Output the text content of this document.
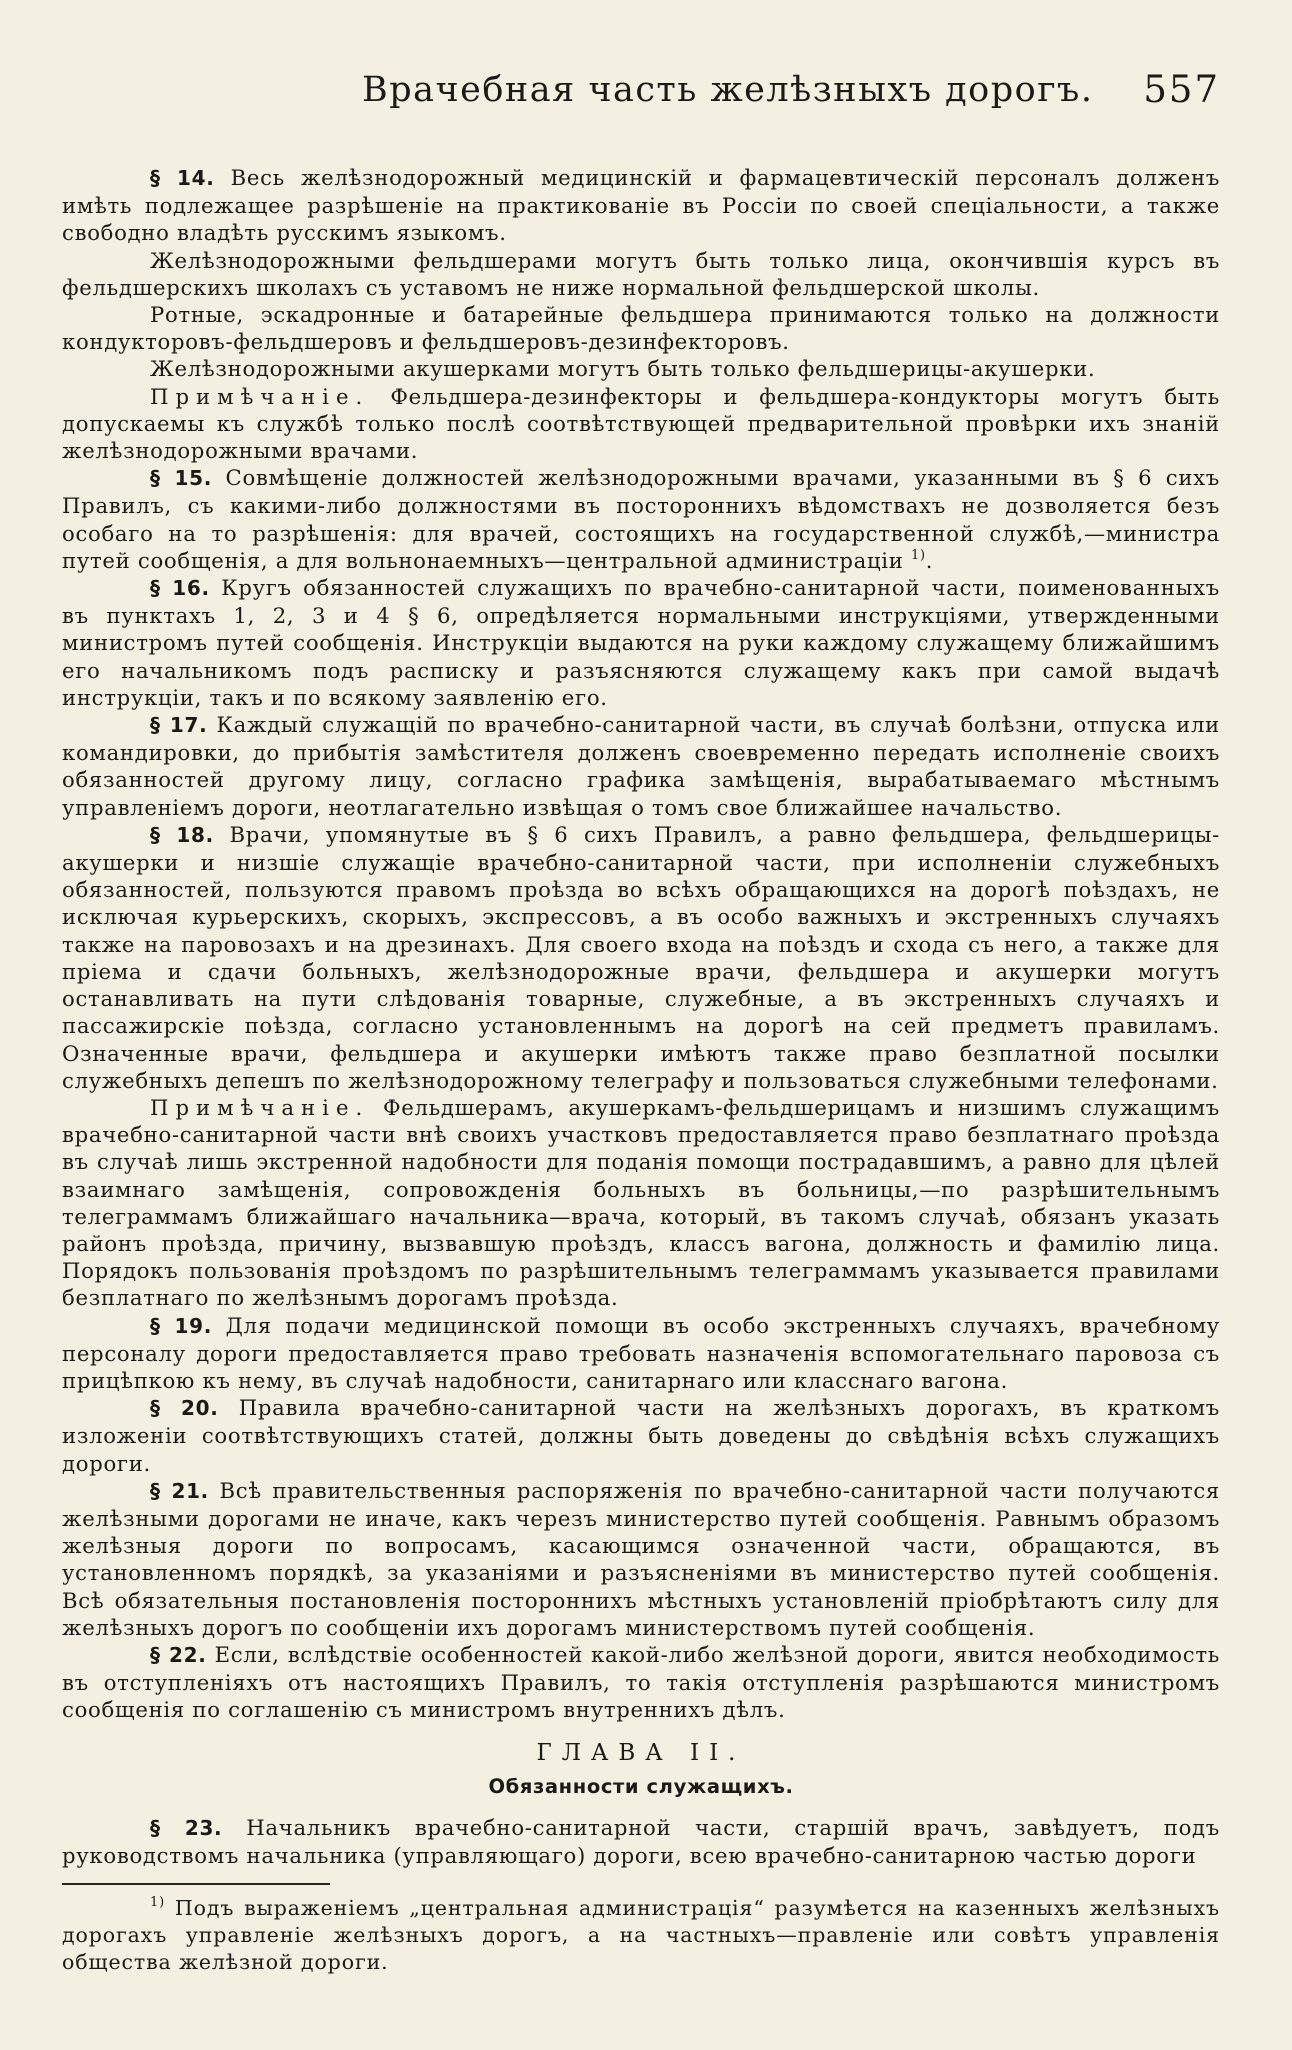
Врачебная часть желѣзныхъ дорогъ. 557

§ 14. Весь желѣзнодорожный медицинскій и фармацевтическій персоналъ долженъ имѣть подлежащее разрѣшеніе на практикованіе въ Россіи по своей спеціальности, а также свободно владѣть русскимъ языкомъ.

Желѣзнодорожными фельдшерами могутъ быть только лица, окончившія курсъ въ фельдшерскихъ школахъ съ уставомъ не ниже нормальной фельдшерской школы.

Ротные, эскадронные и батарейные фельдшера принимаются только на должности кондукторовъ-фельдшеровъ и фельдшеровъ-дезинфекторовъ.

Желѣзнодорожными акушерками могутъ быть только фельдшерицы-акушерки.

Примѣчаніе. Фельдшера-дезинфекторы и фельдшера-кондукторы могутъ быть допускаемы къ службѣ только послѣ соотвѣтствующей предварительной провѣрки ихъ знаній желѣзнодорожными врачами.

§ 15. Совмѣщеніе должностей желѣзнодорожными врачами, указанными въ § 6 сихъ Правилъ, съ какими-либо должностями въ постороннихъ вѣдомствахъ не дозволяется безъ особаго на то разрѣшенія: для врачей, состоящихъ на государственной службѣ,—министра путей сообщенія, а для вольнонаемныхъ—центральной администраціи $^{1)}$.

§ 16. Кругъ обязанностей служащихъ по врачебно-санитарной части, поименованныхъ въ пунктахъ 1, 2, 3 и 4 § 6, опредѣляется нормальными инструкціями, утвержденными министромъ путей сообщенія. Инструкціи выдаются на руки каждому служащему ближайшимъ его начальникомъ подъ расписку и разъясняются служащему какъ при самой выдачѣ инструкціи, такъ и по всякому заявленію его.

§ 17. Каждый служащій по врачебно-санитарной части, въ случаѣ болѣзни, отпуска или командировки, до прибытія замѣстителя долженъ своевременно передать исполненіе своихъ обязанностей другому лицу, согласно графика замѣщенія, вырабатываемаго мѣстнымъ управленіемъ дороги, неотлагательно извѣщая о томъ свое ближайшее начальство.

§ 18. Врачи, упомянутые въ § 6 сихъ Правилъ, а равно фельдшера, фельдшерицы-акушерки и низшіе служащіе врачебно-санитарной части, при исполненіи служебныхъ обязанностей, пользуются правомъ проѣзда во всѣхъ обращающихся на дорогѣ поѣздахъ, не исключая курьерскихъ, скорыхъ, экспрессовъ, а въ особо важныхъ и экстренныхъ случаяхъ также на паровозахъ и на дрезинахъ. Для своего входа на поѣздъ и схода съ него, а также для пріема и сдачи больныхъ, желѣзнодорожные врачи, фельдшера и акушерки могутъ останавливать на пути слѣдованія товарные, служебные, а въ экстренныхъ случаяхъ и пассажирскіе поѣзда, согласно установленнымъ на дорогѣ на сей предметъ правиламъ. Означенные врачи, фельдшера и акушерки имѣютъ также право безплатной посылки служебныхъ депешъ по желѣзнодорожному телеграфу и пользоваться служебными телефонами.

Примѣчаніе. Фельдшерамъ, акушеркамъ-фельдшерицамъ и низшимъ служащимъ врачебно-санитарной части внѣ своихъ участковъ предоставляется право безплатнаго проѣзда въ случаѣ лишь экстренной надобности для поданія помощи пострадавшимъ, а равно для цѣлей взаимнаго замѣщенія, сопровожденія больныхъ въ больницы,—по разрѣшительнымъ телеграммамъ ближайшаго начальника—врача, который, въ такомъ случаѣ, обязанъ указать районъ проѣзда, причину, вызвавшую проѣздъ, классъ вагона, должность и фамилію лица. Порядокъ пользованія проѣздомъ по разрѣшительнымъ телеграммамъ указывается правилами безплатнаго по желѣзнымъ дорогамъ проѣзда.

§ 19. Для подачи медицинской помощи въ особо экстренныхъ случаяхъ, врачебному персоналу дороги предоставляется право требовать назначенія вспомогательнаго паровоза съ прицѣпкою къ нему, въ случаѣ надобности, санитарнаго или класснаго вагона.

§ 20. Правила врачебно-санитарной части на желѣзныхъ дорогахъ, въ краткомъ изложеніи соотвѣтствующихъ статей, должны быть доведены до свѣдѣнія всѣхъ служащихъ дороги.

§ 21. Всѣ правительственныя распоряженія по врачебно-санитарной части получаются желѣзными дорогами не иначе, какъ черезъ министерство путей сообщенія. Равнымъ образомъ желѣзныя дороги по вопросамъ, касающимся означенной части, обращаются, въ установленномъ порядкѣ, за указаніями и разъясненіями въ министерство путей сообщенія. Всѣ обязательныя постановленія постороннихъ мѣстныхъ установленій пріобрѣтаютъ силу для желѣзныхъ дорогъ по сообщеніи ихъ дорогамъ министерствомъ путей сообщенія.

§ 22. Если, вслѣдствіе особенностей какой-либо желѣзной дороги, явится необходимость въ отступленіяхъ отъ настоящихъ Правилъ, то такія отступленія разрѣшаются министромъ сообщенія по соглашенію съ министромъ внутреннихъ дѣлъ.

ГЛАВА II.

Обязанности служащихъ.

§ 23. Начальникъ врачебно-санитарной части, старшій врачъ, завѣдуетъ, подъ руководствомъ начальника (управляющаго) дороги, всею врачебно-санитарною частью дороги

$^{1)}$ Подъ выраженіемъ „центральная администрація“ разумѣется на казенныхъ желѣзныхъ дорогахъ управленіе желѣзныхъ дорогъ, а на частныхъ—правленіе или совѣтъ управленія общества желѣзной дороги.
